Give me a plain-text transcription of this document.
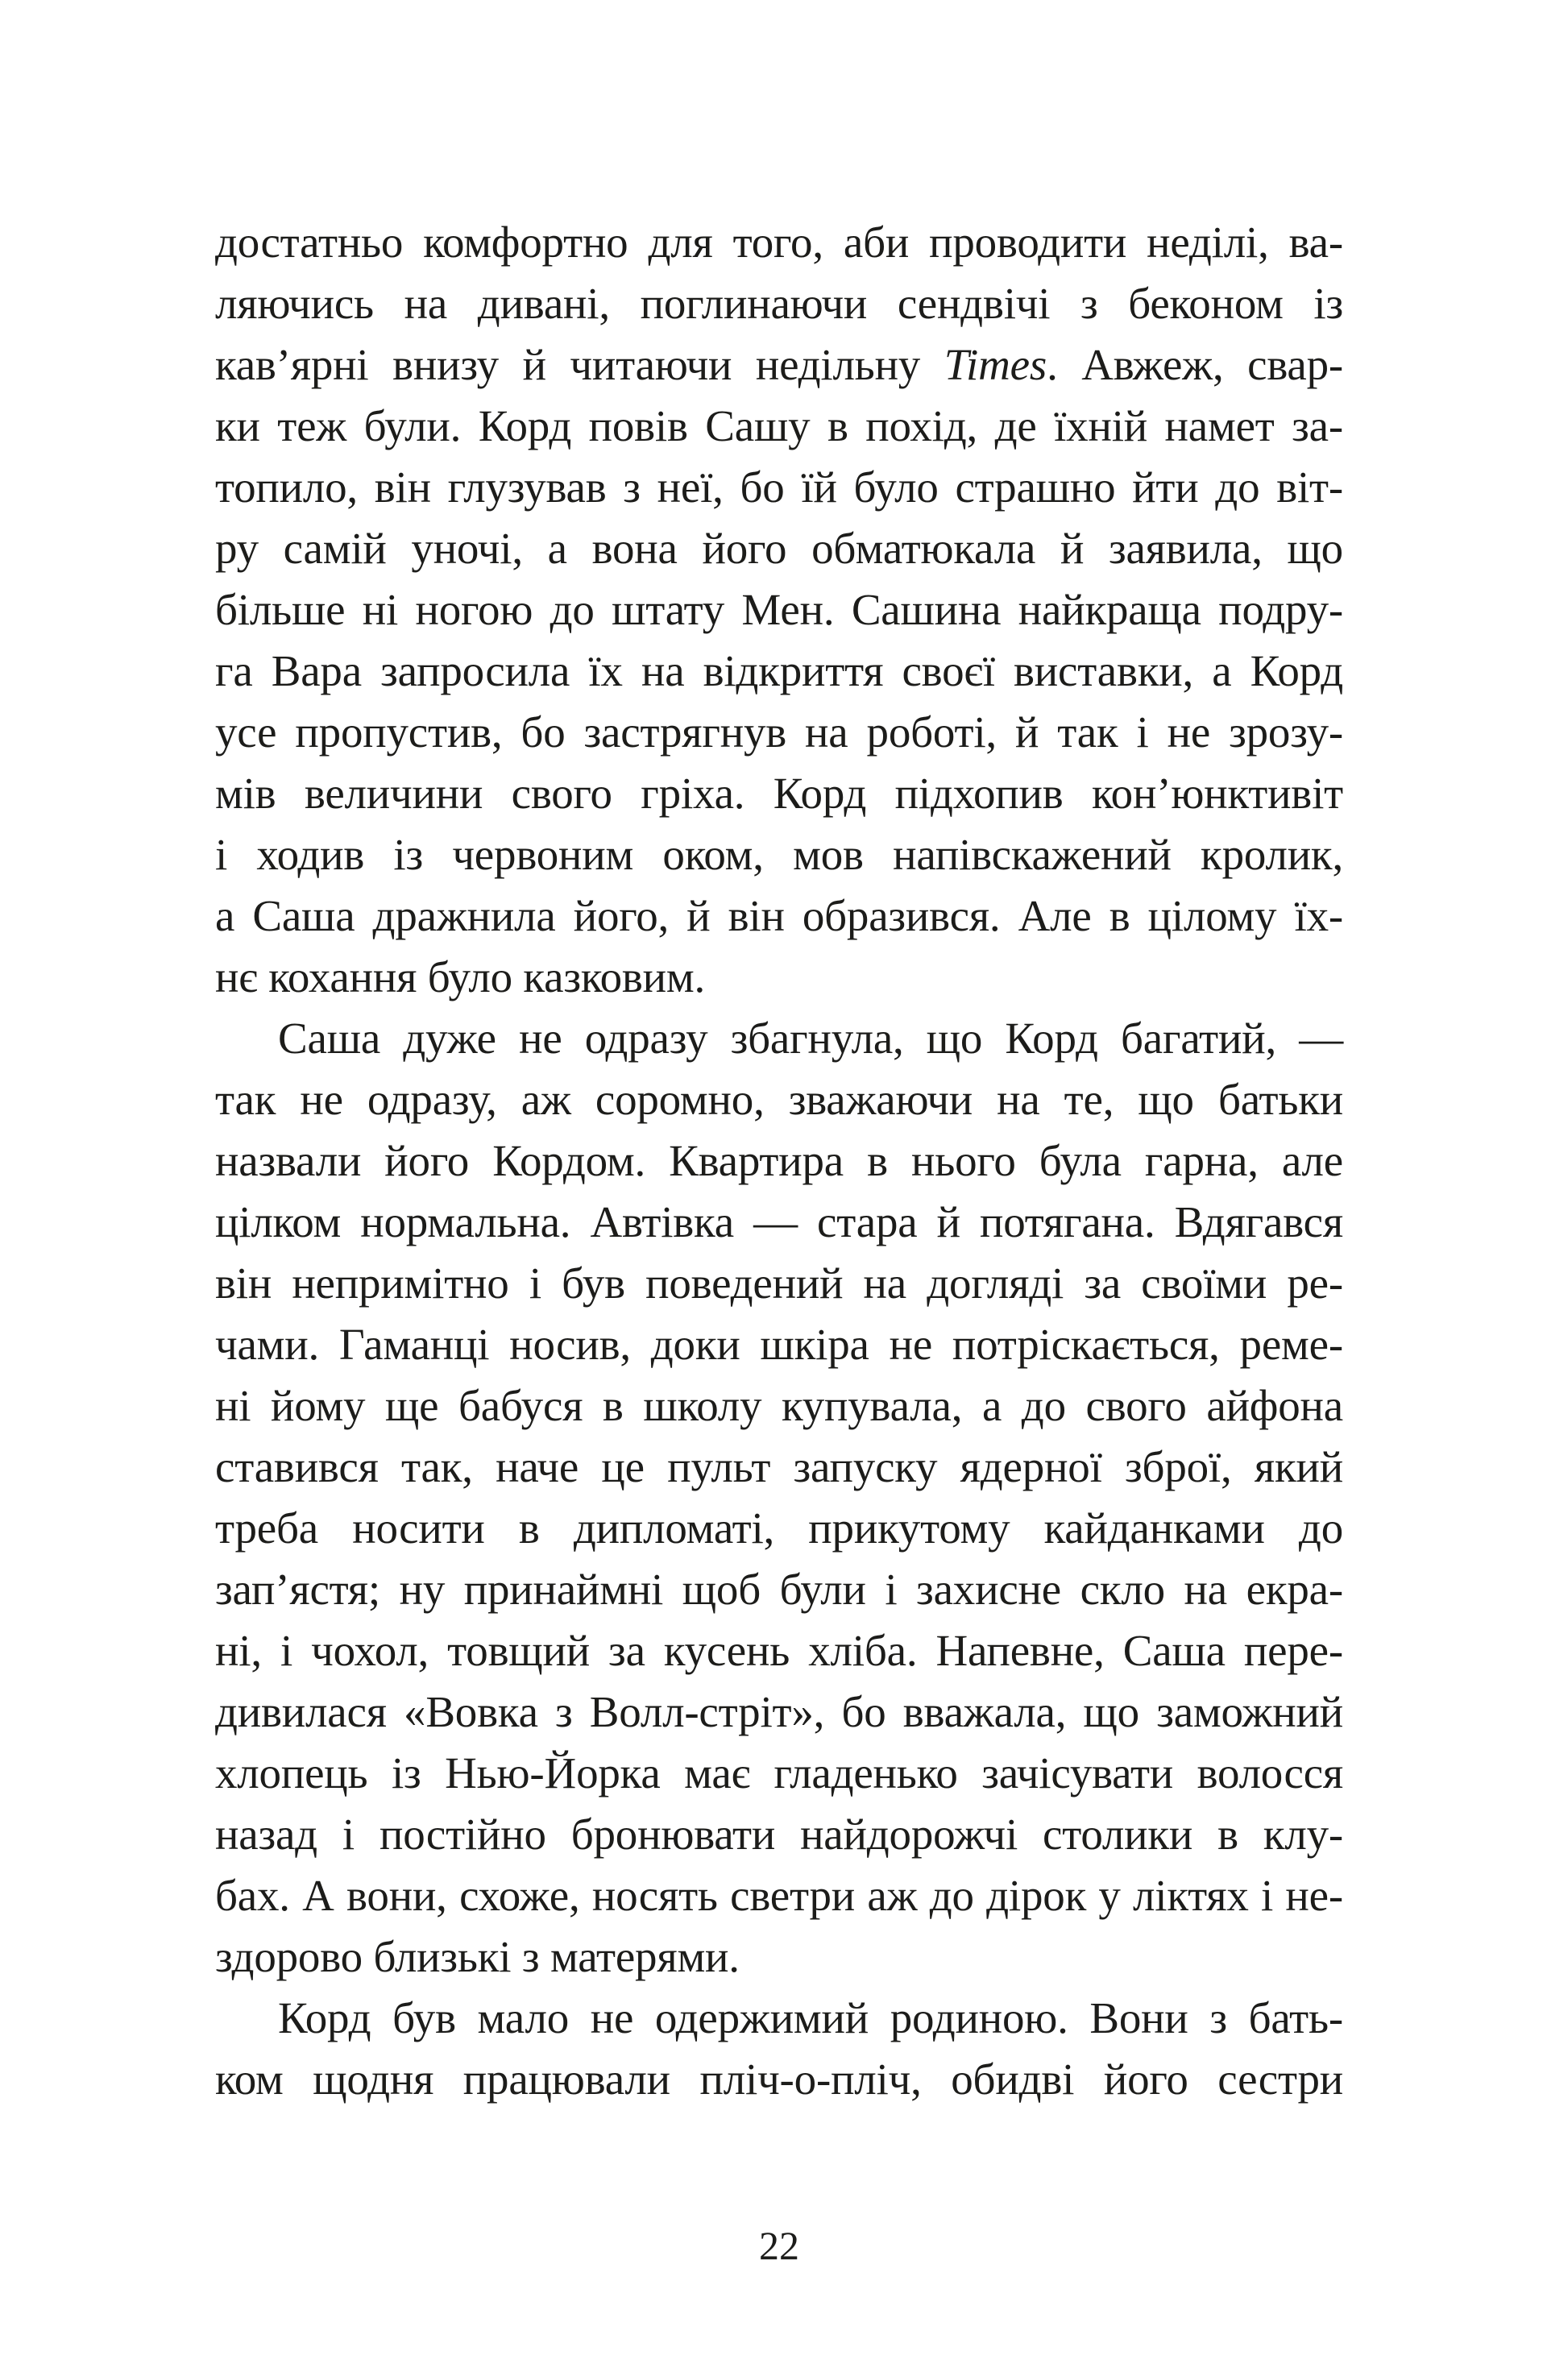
достатньо комфортно для того, аби проводити неділі, ва-
ляючись на дивані, поглинаючи сендвічі з беконом із
кав’ярні внизу й читаючи недільну Times. Авжеж, свар-
ки теж були. Корд повів Сашу в похід, де їхній намет за-
топило, він глузував з неї, бо їй було страшно йти до віт-
ру самій уночі, а вона його обматюкала й заявила, що
більше ні ногою до штату Мен. Сашина найкраща подру-
га Вара запросила їх на відкриття своєї виставки, а Корд
усе пропустив, бо застрягнув на роботі, й так і не зрозу-
мів величини свого гріха. Корд підхопив кон’юнктивіт
і ходив із червоним оком, мов напівскажений кролик,
а Саша дражнила його, й він образився. Але в цілому їх-
нє кохання було казковим.
Саша дуже не одразу збагнула, що Корд багатий, —
так не одразу, аж соромно, зважаючи на те, що батьки
назвали його Кордом. Квартира в нього була гарна, але
цілком нормальна. Автівка — стара й потягана. Вдягався
він непримітно і був поведений на догляді за своїми ре-
чами. Гаманці носив, доки шкіра не потріскається, реме-
ні йому ще бабуся в школу купувала, а до свого айфона
ставився так, наче це пульт запуску ядерної зброї, який
треба носити в дипломаті, прикутому кайданками до
зап’ястя; ну принаймні щоб були і захисне скло на екра-
ні, і чохол, товщий за кусень хліба. Напевне, Саша пере-
дивилася «Вовка з Волл-стріт», бо вважала, що заможний
хлопець із Нью-Йорка має гладенько зачісувати волосся
назад і постійно бронювати найдорожчі столики в клу-
бах. А вони, схоже, носять светри аж до дірок у ліктях і не-
здорово близькі з матерями.
Корд був мало не одержимий родиною. Вони з бать-
ком щодня працювали пліч-о-пліч, обидві його сестри
22
